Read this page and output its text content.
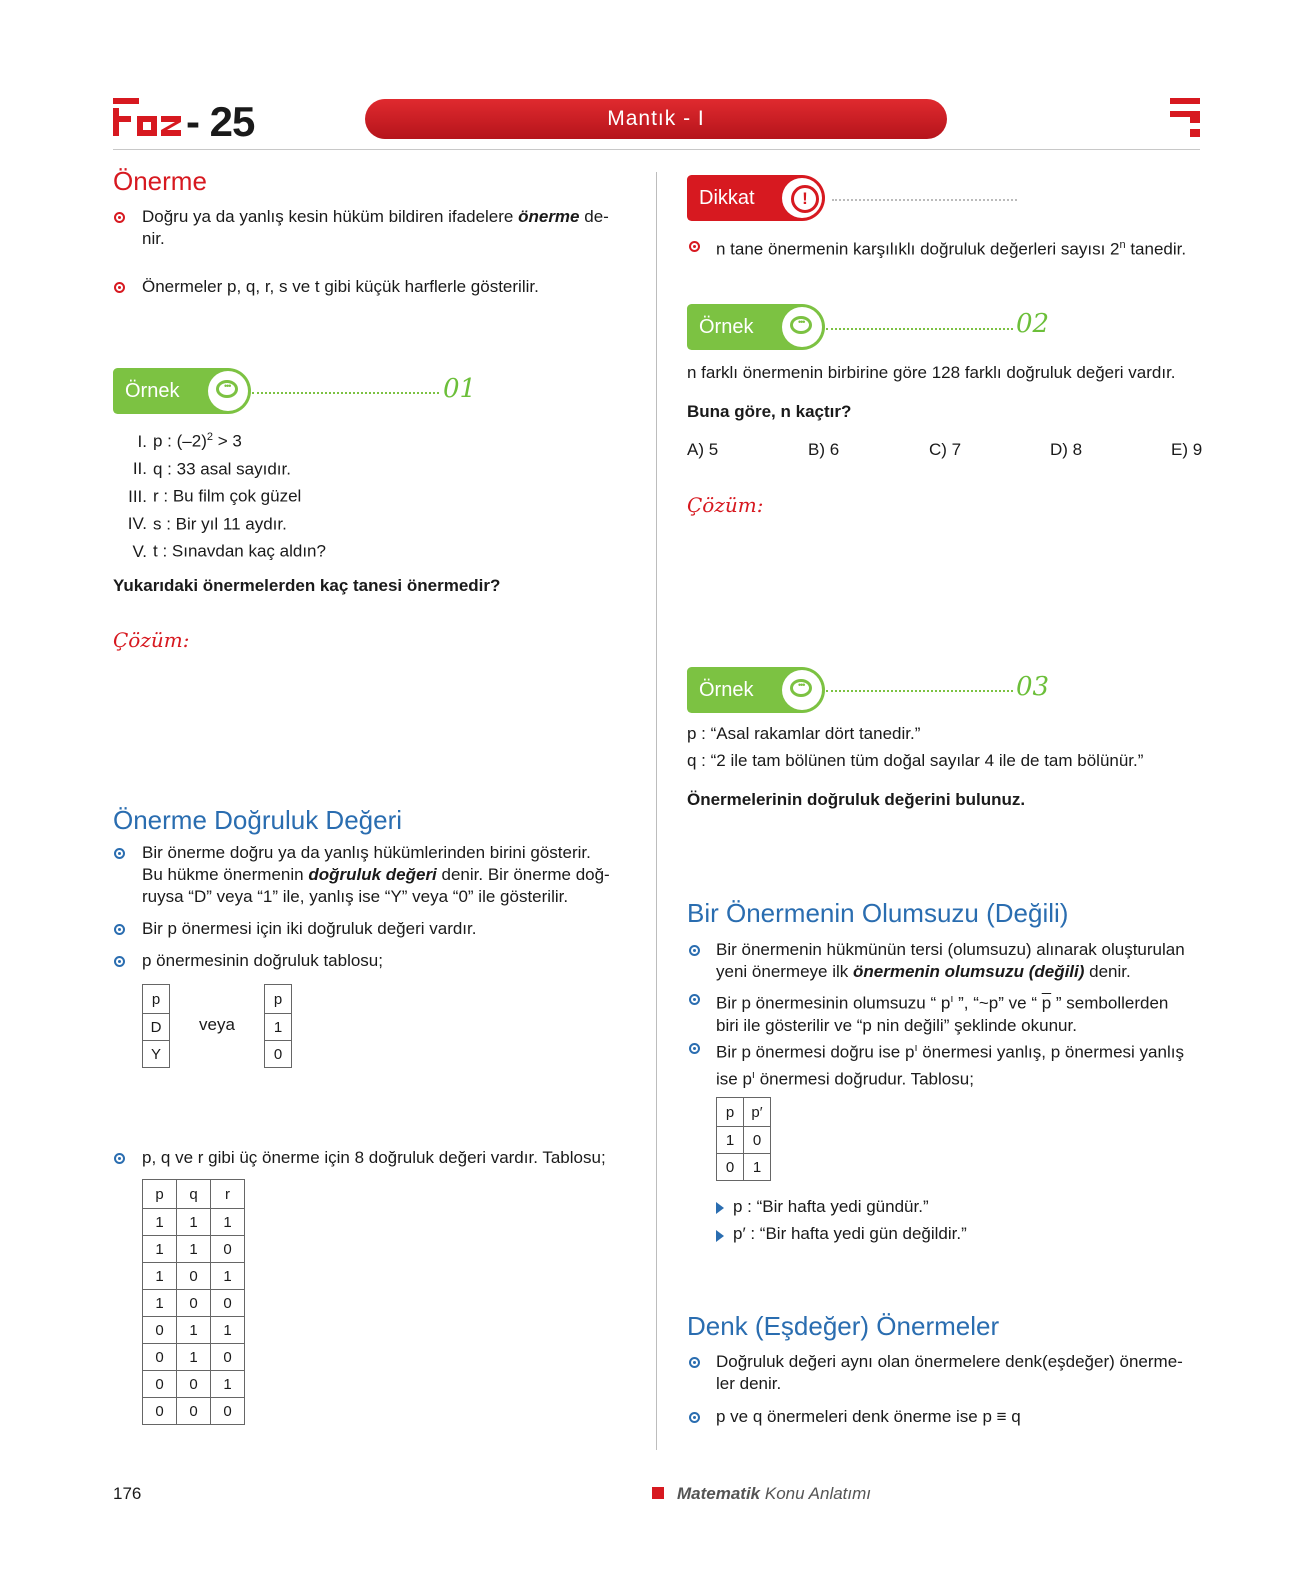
- 25	Mantık - I
Önerme
Doğru ya da yanlış kesin hüküm bildiren ifadelere önerme de-
nir.
Önermeler p, q, r, s ve t gibi küçük harflerle gösterilir.
Örnek •••	01
I. p : $(-2)^2 > 3$
II. q : 33 asal sayıdır.
III. r : Bu film çok güzel
IV. s : Bir yıl 11 aydır.
V. t : Sınavdan kaç aldın?
Yukarıdaki önermelerden kaç tanesi önermedir?
Çözüm:
Önerme Doğruluk Değeri
Bir önerme doğru ya da yanlış hükümlerinden birini gösterir.
Bu hükme önermenin doğruluk değeri denir. Bir önerme doğ-
ruysa “D” veya “1” ile, yanlış ise “Y” veya “0” ile gösterilir.
Bir p önermesi için iki doğruluk değeri vardır.
p önermesinin doğruluk tablosu;
p
D
Y
veya
p
1
0
p, q ve r gibi üç önerme için 8 doğruluk değeri vardır. Tablosu;
p	q	r
1	1	1
1	1	0
1	0	1
1	0	0
0	1	1
0	1	0
0	0	1
0	0	0
Dikkat	!
n tane önermenin karşılıklı doğruluk değerleri sayısı 2$^n$ tanedir.
Örnek •••	02
n farklı önermenin birbirine göre 128 farklı doğruluk değeri vardır.
Buna göre, n kaçtır?
A) 5	B) 6	C) 7	D) 8	E) 9
Çözüm:
Örnek •••	03
p : “Asal rakamlar dört tanedir.”
q : “2 ile tam bölünen tüm doğal sayılar 4 ile de tam bölünür.”
Önermelerinin doğruluk değerini bulunuz.
Bir Önermenin Olumsuzu (Değili)
Bir önermenin hükmünün tersi (olumsuzu) alınarak oluşturulan
yeni önermeye ilk önermenin olumsuzu (değili) denir.
Bir p önermesinin olumsuzu “ $p^ı$ ”, “~p” ve “ $\overline{p}$ ” sembollerden
biri ile gösterilir ve “p nin değili” şeklinde okunur.
Bir p önermesi doğru ise $p^ı$ önermesi yanlış, p önermesi yanlış
ise $p^ı$ önermesi doğrudur. Tablosu;
p	p′
1	0
0	1
p : “Bir hafta yedi gündür.”
p′ : “Bir hafta yedi gün değildir.”
Denk (Eşdeğer) Önermeler
Doğruluk değeri aynı olan önermelere denk(eşdeğer) önerme-
ler denir.
p ve q önermeleri denk önerme ise p ≡ q
176	Matematik Konu Anlatımı
